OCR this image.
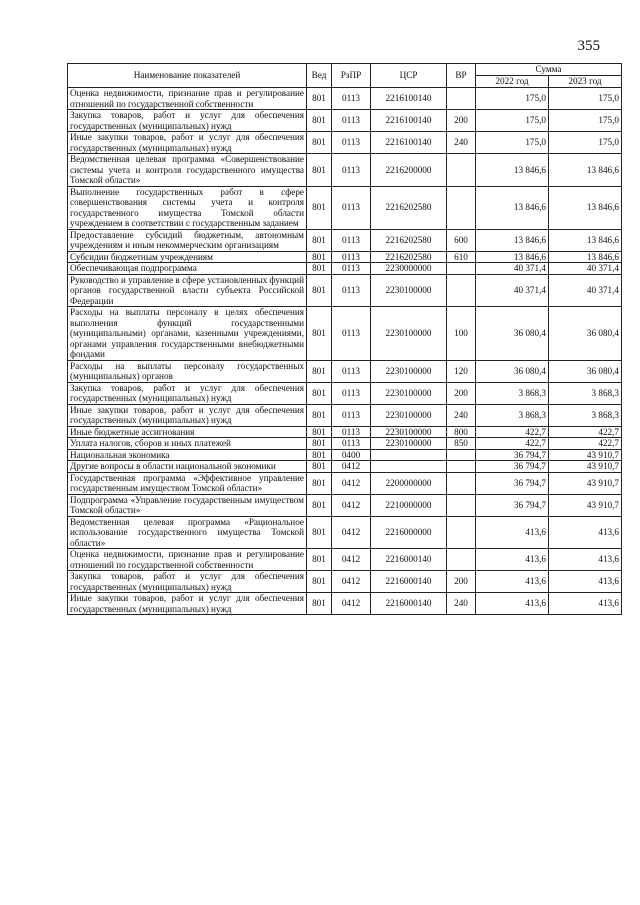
355
Наименование показателей	Вед	РзПР	ЦСР	ВР	Сумма	
					2022 год	2023 год
Оценка недвижимости, признание прав и регулирование отношений по государственной собственности	801	0113	2216100140		175,0	175,0
Закупка товаров, работ и услуг для обеспечения государственных (муниципальных) нужд	801	0113	2216100140	200	175,0	175,0
Иные закупки товаров, работ и услуг для обеспечения государственных (муниципальных) нужд	801	0113	2216100140	240	175,0	175,0
Ведомственная целевая программа «Совершенствование системы учета и контроля государственного имущества Томской области»	801	0113	2216200000		13 846,6	13 846,6
Выполнение государственных работ в сфере совершенствования системы учета и контроля государственного имущества Томской области учреждением в соответствии с государственным заданием	801	0113	2216202580		13 846,6	13 846,6
Предоставление субсидий бюджетным, автономным учреждениям и иным некоммерческим организациям	801	0113	2216202580	600	13 846,6	13 846,6
Субсидии бюджетным учреждениям	801	0113	2216202580	610	13 846,6	13 846,6
Обеспечивающая подпрограмма	801	0113	2230000000		40 371,4	40 371,4
Руководство и управление в сфере установленных функций органов государственной власти субъекта Российской Федерации	801	0113	2230100000		40 371,4	40 371,4
Расходы на выплаты персоналу в целях обеспечения выполнения функций государственными (муниципальными) органами, казенными учреждениями, органами управления государственными внебюджетными фондами	801	0113	2230100000	100	36 080,4	36 080,4
Расходы на выплаты персоналу государственных (муниципальных) органов	801	0113	2230100000	120	36 080,4	36 080,4
Закупка товаров, работ и услуг для обеспечения государственных (муниципальных) нужд	801	0113	2230100000	200	3 868,3	3 868,3
Иные закупки товаров, работ и услуг для обеспечения государственных (муниципальных) нужд	801	0113	2230100000	240	3 868,3	3 868,3
Иные бюджетные ассигнования	801	0113	2230100000	800	422,7	422,7
Уплата налогов, сборов и иных платежей	801	0113	2230100000	850	422,7	422,7
Национальная экономика	801	0400			36 794,7	43 910,7
Другие вопросы в области национальной экономики	801	0412			36 794,7	43 910,7
Государственная программа «Эффективное управление государственным имуществом Томской области»	801	0412	2200000000		36 794,7	43 910,7
Подпрограмма «Управление государственным имуществом Томской области»	801	0412	2210000000		36 794,7	43 910,7
Ведомственная целевая программа «Рациональное использование государственного имущества Томской области»	801	0412	2216000000		413,6	413,6
Оценка недвижимости, признание прав и регулирование отношений по государственной собственности	801	0412	2216000140		413,6	413,6
Закупка товаров, работ и услуг для обеспечения государственных (муниципальных) нужд	801	0412	2216000140	200	413,6	413,6
Иные закупки товаров, работ и услуг для обеспечения государственных (муниципальных) нужд	801	0412	2216000140	240	413,6	413,6
